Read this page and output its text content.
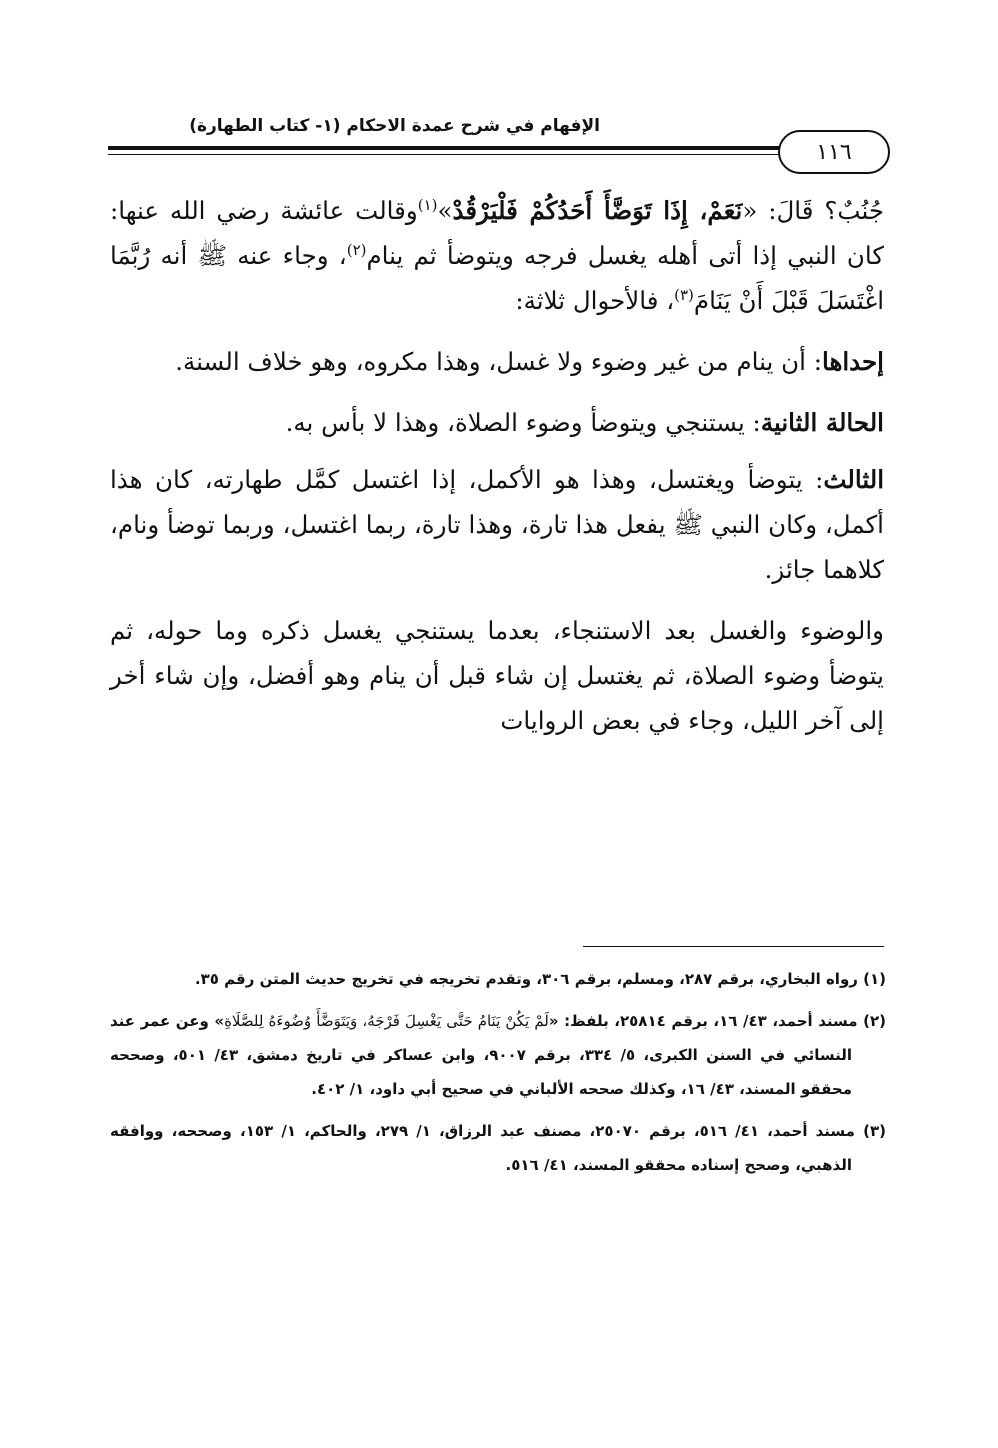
الإفهام في شرح عمدة الاحكام (١- كتاب الطهارة)
١١٦

جُنُبٌ؟ قَالَ: «نَعَمْ، إِذَا تَوَضَّأَ أَحَدُكُمْ فَلْيَرْقُدْ»$^{(١)}$وقالت عائشة رضي الله عنها: كان النبي إذا أتى أهله يغسل فرجه ويتوضأ ثم ينام$^{(٢)}$، وجاء عنه ﷺ أنه رُبَّمَا اغْتَسَلَ قَبْلَ أَنْ يَنَامَ$^{(٣)}$، فالأحوال ثلاثة:

إحداها: أن ينام من غير وضوء ولا غسل، وهذا مكروه، وهو خلاف السنة.

الحالة الثانية: يستنجي ويتوضأ وضوء الصلاة، وهذا لا بأس به.

الثالث: يتوضأ ويغتسل، وهذا هو الأكمل، إذا اغتسل كمَّل طهارته، كان هذا أكمل، وكان النبي ﷺ يفعل هذا تارة، وهذا تارة، ربما اغتسل، وربما توضأ ونام، كلاهما جائز.

والوضوء والغسل بعد الاستنجاء، بعدما يستنجي يغسل ذكره وما حوله، ثم يتوضأ وضوء الصلاة، ثم يغتسل إن شاء قبل أن ينام وهو أفضل، وإن شاء أخر إلى آخر الليل، وجاء في بعض الروايات

(١) رواه البخاري، برقم ٢٨٧، ومسلم، برقم ٣٠٦، وتقدم تخريجه في تخريج حديث المتن رقم ٣٥.

(٢) مسند أحمد، ٤٣/ ١٦، برقم ٢٥٨١٤، بلفظ: «لَمْ يَكُنْ يَنَامُ حَتَّى يَغْسِلَ فَرْجَهُ، وَيَتَوَضَّأَ وُضُوءَهُ لِلصَّلَاةِ» وعن عمر عند النسائي في السنن الكبرى، ٥/ ٣٣٤، برقم ٩٠٠٧، وابن عساكر في تاريخ دمشق، ٤٣/ ٥٠١، وصححه محققو المسند، ٤٣/ ١٦، وكذلك صححه الألباني في صحيح أبي داود، ١/ ٤٠٢.

(٣) مسند أحمد، ٤١/ ٥١٦، برقم ٢٥٠٧٠، مصنف عبد الرزاق، ١/ ٢٧٩، والحاكم، ١/ ١٥٣، وصححه، ووافقه الذهبي، وصحح إسناده محققو المسند، ٤١/ ٥١٦.
